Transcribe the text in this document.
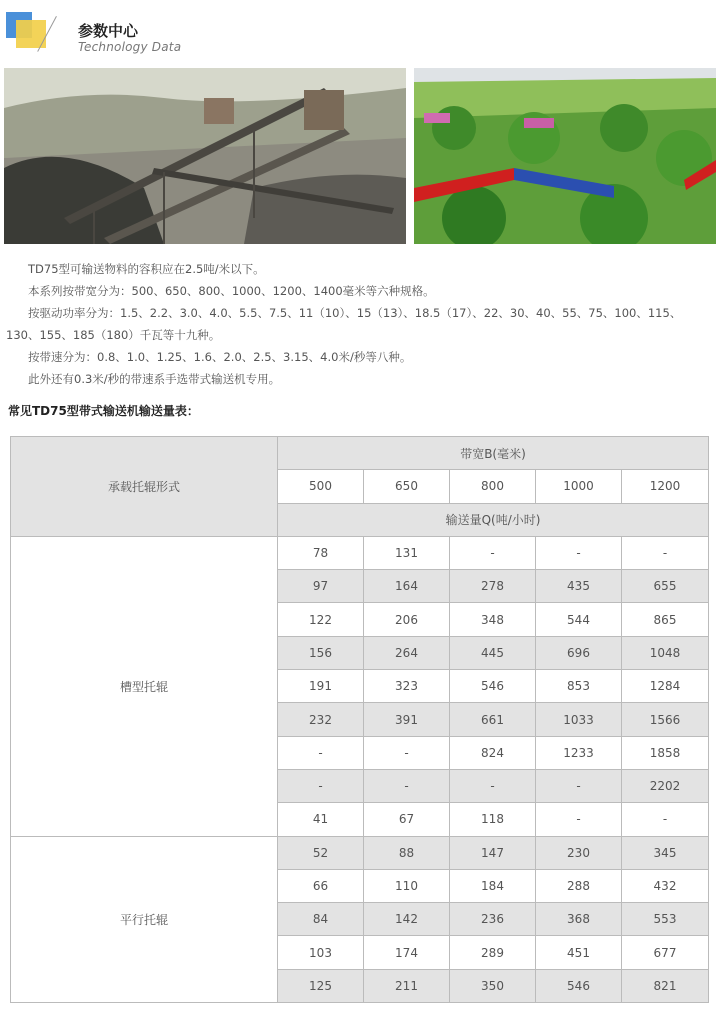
参数中心
Technology Data

TD75型可输送物料的容积应在2.5吨/米以下。

本系列按带宽分为：500、650、800、1000、1200、1400毫米等六种规格。

按驱动功率分为：1.5、2.2、3.0、4.0、5.5、7.5、11（10）、15（13）、18.5（17）、22、30、40、55、75、100、115、

130、155、185（180）千瓦等十九种。

按带速分为：0.8、1.0、1.25、1.6、2.0、2.5、3.15、4.0米/秒等八种。

此外还有0.3米/秒的带速系手选带式输送机专用。

常见TD75型带式输送机输送量表：
承载托辊形式	带宽B(毫米)				
	500	650	800	1000	1200
	输送量Q(吨/小时)				
槽型托辊	78	131	-	-	-
	97	164	278	435	655
	122	206	348	544	865
	156	264	445	696	1048
	191	323	546	853	1284
	232	391	661	1033	1566
	-	-	824	1233	1858
	-	-	-	-	2202
	41	67	118	-	-
平行托辊	52	88	147	230	345
	66	110	184	288	432
	84	142	236	368	553
	103	174	289	451	677
	125	211	350	546	821
